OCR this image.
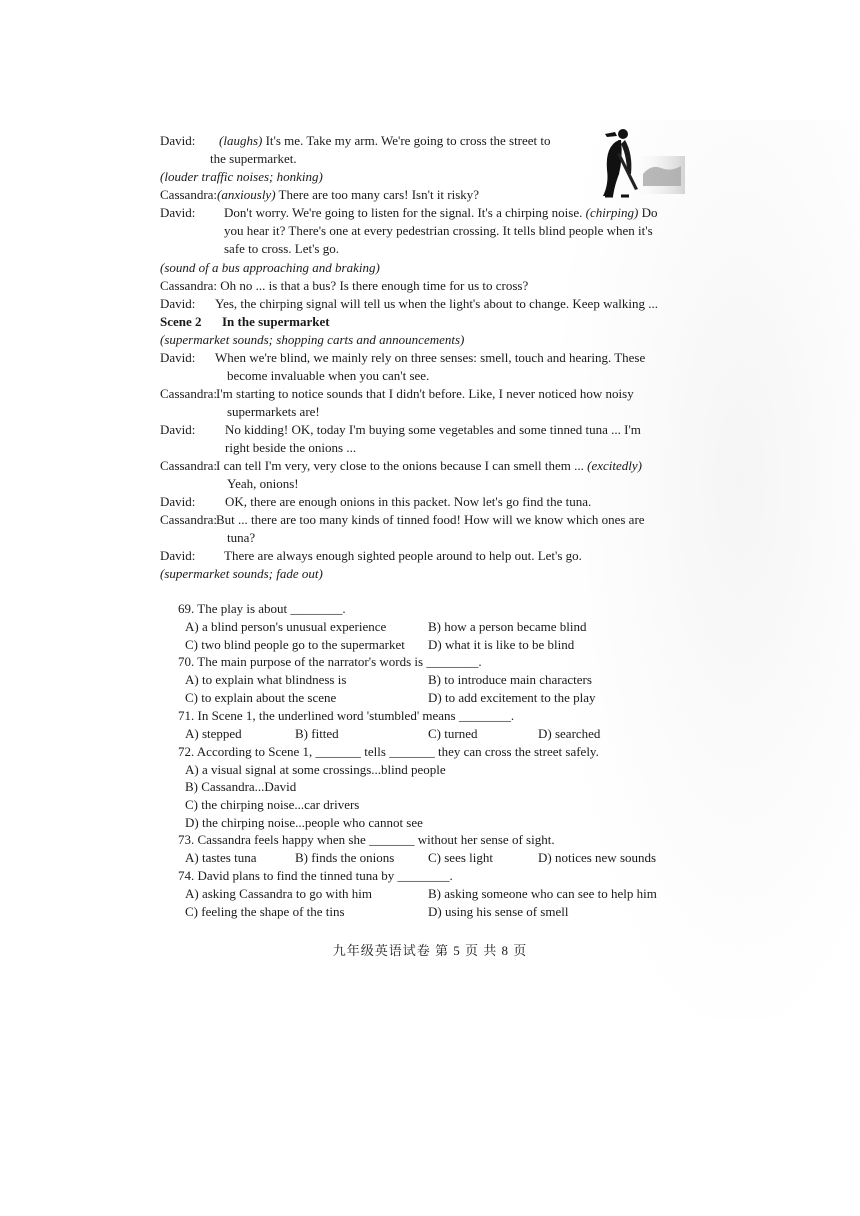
David: (laughs) It's me. Take my arm. We're going to cross the street to
the supermarket.
(louder traffic noises; honking)
Cassandra:(anxiously) There are too many cars! Isn't it risky?
David: Don't worry. We're going to listen for the signal. It's a chirping noise. (chirping) Do
you hear it? There's one at every pedestrian crossing. It tells blind people when it's
safe to cross. Let's go.
(sound of a bus approaching and braking)
Cassandra: Oh no ... is that a bus? Is there enough time for us to cross?
David: Yes, the chirping signal will tell us when the light's about to change. Keep walking ...
Scene 2 In the supermarket
(supermarket sounds; shopping carts and announcements)
David: When we're blind, we mainly rely on three senses: smell, touch and hearing. These
become invaluable when you can't see.
Cassandra:
I'm starting to notice sounds that I didn't before. Like, I never noticed how noisy
supermarkets are!
David: No kidding! OK, today I'm buying some vegetables and some tinned tuna ... I'm
right beside the onions ...
Cassandra:
I can tell I'm very, very close to the onions because I can smell them ... (excitedly)
Yeah, onions!
David: OK, there are enough onions in this packet. Now let's go find the tuna.
Cassandra:
But ... there are too many kinds of tinned food! How will we know which ones are
tuna?
David: There are always enough sighted people around to help out. Let's go.
(supermarket sounds; fade out)
69. The play is about ________.
A) a blind person's unusual experience	B) how a person became blind
C) two blind people go to the supermarket D) what it is like to be blind
70. The main purpose of the narrator's words is ________.
A) to explain what blindness is	B) to introduce main characters
C) to explain about the scene	D) to add excitement to the play
71. In Scene 1, the underlined word 'stumbled' means ________.
A) stepped	B) fitted	C) turned	D) searched
72. According to Scene 1, _______ tells _______ they can cross the street safely.
A) a visual signal at some crossings...blind people
B) Cassandra...David
C) the chirping noise...car drivers
D) the chirping noise...people who cannot see
73. Cassandra feels happy when she _______ without her sense of sight.
A) tastes tuna	B) finds the onions	C) sees light	D) notices new sounds
74. David plans to find the tinned tuna by ________.
A) asking Cassandra to go with him	B) asking someone who can see to help him
C) feeling the shape of the tins	D) using his sense of smell
九年级英语试卷 第 5 页 共 8 页
